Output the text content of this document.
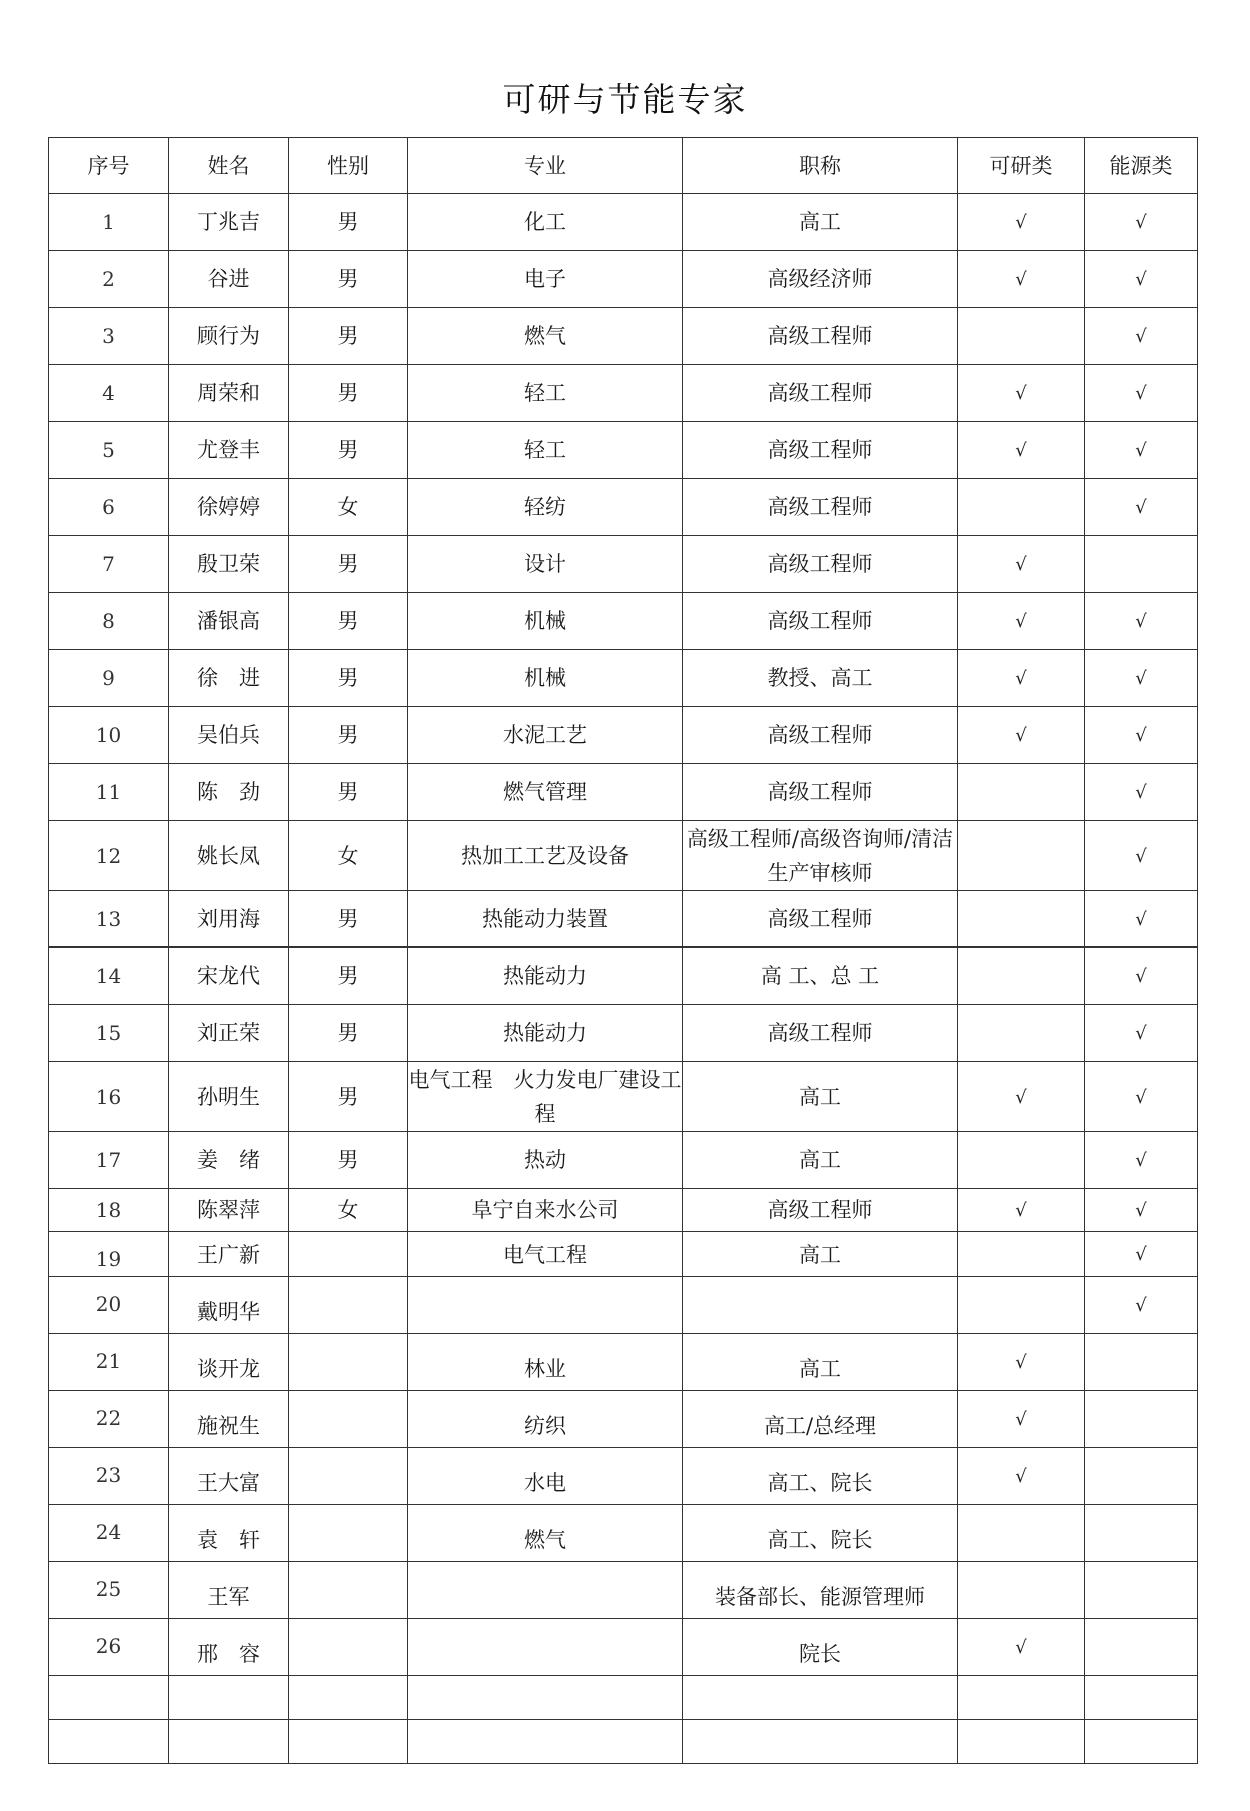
可研与节能专家
序号	姓名	性别	专业	职称	可研类	能源类
1	丁兆吉	男	化工	高工	√	√
2	谷进	男	电子	高级经济师	√	√
3	顾行为	男	燃气	高级工程师		√
4	周荣和	男	轻工	高级工程师	√	√
5	尤登丰	男	轻工	高级工程师	√	√
6	徐婷婷	女	轻纺	高级工程师		√
7	殷卫荣	男	设计	高级工程师	√	
8	潘银高	男	机械	高级工程师	√	√
9	徐　进	男	机械	教授、高工	√	√
10	吴伯兵	男	水泥工艺	高级工程师	√	√
11	陈　劲	男	燃气管理	高级工程师		√
12	姚长凤	女	热加工工艺及设备	高级工程师/高级咨询师/清洁生产审核师		√
13	刘用海	男	热能动力装置	高级工程师		√
14	宋龙代	男	热能动力	高 工、总 工		√
15	刘正荣	男	热能动力	高级工程师		√
16	孙明生	男	电气工程　火力发电厂建设工程	高工	√	√
17	姜　绪	男	热动	高工		√
18	陈翠萍	女	阜宁自来水公司	高级工程师	√	√
19	王广新		电气工程	高工		√
20	戴明华					√
21	谈开龙		林业	高工	√	
22	施祝生		纺织	高工/总经理	√	
23	王大富		水电	高工、院长	√	
24	袁　轩		燃气	高工、院长		
25	王军			装备部长、能源管理师		
26	邢　容			院长	√	
